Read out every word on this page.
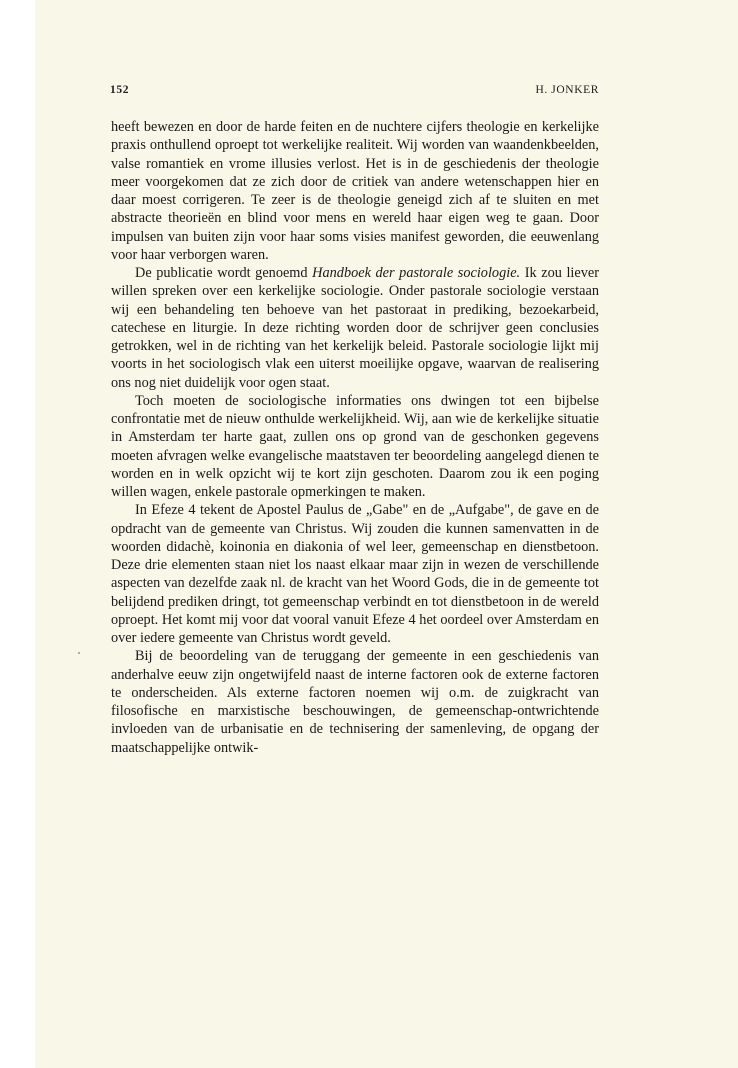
152	H. JONKER

heeft bewezen en door de harde feiten en de nuchtere cijfers theologie en kerkelijke praxis onthullend oproept tot werkelijke realiteit. Wij worden van waandenkbeelden, valse romantiek en vrome illusies verlost. Het is in de geschiedenis der theologie meer voorgekomen dat ze zich door de critiek van andere wetenschappen hier en daar moest corrigeren. Te zeer is de theologie geneigd zich af te sluiten en met abstracte theorieën en blind voor mens en wereld haar eigen weg te gaan. Door impulsen van buiten zijn voor haar soms visies manifest geworden, die eeuwenlang voor haar verborgen waren.

De publicatie wordt genoemd Handboek der pastorale sociologie. Ik zou liever willen spreken over een kerkelijke sociologie. Onder pastorale sociologie verstaan wij een behandeling ten behoeve van het pastoraat in prediking, bezoekarbeid, catechese en liturgie. In deze richting worden door de schrijver geen conclusies getrokken, wel in de richting van het kerkelijk beleid. Pastorale sociologie lijkt mij voorts in het sociologisch vlak een uiterst moeilijke opgave, waarvan de realisering ons nog niet duidelijk voor ogen staat.

Toch moeten de sociologische informaties ons dwingen tot een bijbelse confrontatie met de nieuw onthulde werkelijkheid. Wij, aan wie de kerkelijke situatie in Amsterdam ter harte gaat, zullen ons op grond van de geschonken gegevens moeten afvragen welke evangelische maatstaven ter beoordeling aangelegd dienen te worden en in welk opzicht wij te kort zijn geschoten. Daarom zou ik een poging willen wagen, enkele pastorale opmerkingen te maken.

In Efeze 4 tekent de Apostel Paulus de „Gabe" en de „Aufgabe", de gave en de opdracht van de gemeente van Christus. Wij zouden die kunnen samenvatten in de woorden didachè, koinonia en diakonia of wel leer, gemeenschap en dienstbetoon. Deze drie elementen staan niet los naast elkaar maar zijn in wezen de verschillende aspecten van dezelfde zaak nl. de kracht van het Woord Gods, die in de gemeente tot belijdend prediken dringt, tot gemeenschap verbindt en tot dienstbetoon in de wereld oproept. Het komt mij voor dat vooral vanuit Efeze 4 het oordeel over Amsterdam en over iedere gemeente van Christus wordt geveld.

Bij de beoordeling van de teruggang der gemeente in een geschiedenis van anderhalve eeuw zijn ongetwijfeld naast de interne factoren ook de externe factoren te onderscheiden. Als externe factoren noemen wij o.m. de zuigkracht van filosofische en marxistische beschouwingen, de gemeenschap-ontwrichtende invloeden van de urbanisatie en de technisering der samenleving, de opgang der maatschappelijke ontwik-
